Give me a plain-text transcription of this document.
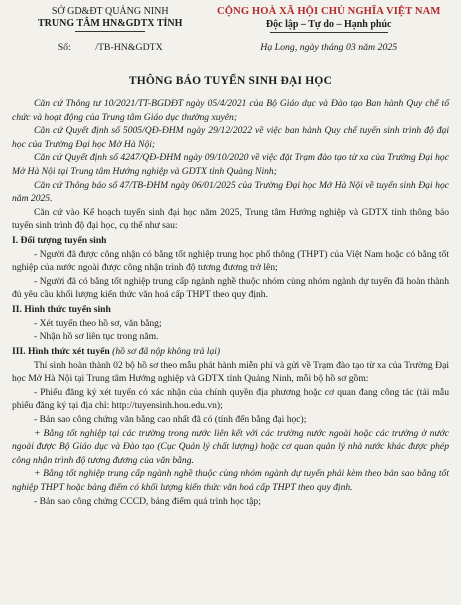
SỞ GD&ĐT QUẢNG NINH
TRUNG TÂM HN&GDTX TỈNH
CỘNG HOÀ XÃ HỘI CHỦ NGHĨA VIỆT NAM
Độc lập – Tự do – Hạnh phúc
Số: /TB-HN&GDTX	Hạ Long, ngày tháng 03 năm 2025
THÔNG BÁO TUYỂN SINH ĐẠI HỌC

Căn cứ Thông tư 10/2021/TT-BGDĐT ngày 05/4/2021 của Bộ Giáo dục và Đào tạo Ban hành Quy chế tổ chức và hoạt động của Trung tâm Giáo dục thường xuyên;

Căn cứ Quyết định số 5005/QĐ-ĐHM ngày 29/12/2022 về việc ban hành Quy chế tuyển sinh trình độ đại học của Trường Đại học Mở Hà Nội;

Căn cứ Quyết định số 4247/QĐ-ĐHM ngày 09/10/2020 về việc đặt Trạm đào tạo từ xa của Trường Đại học Mở Hà Nội tại Trung tâm Hướng nghiệp và GDTX tỉnh Quảng Ninh;

Căn cứ Thông báo số 47/TB-ĐHM ngày 06/01/2025 của Trường Đại học Mở Hà Nội về tuyển sinh Đại học năm 2025.

Căn cứ vào Kế hoạch tuyển sinh đại học năm 2025, Trung tâm Hướng nghiệp và GDTX tỉnh thông báo tuyển sinh trình độ đại học, cụ thể như sau:

I. Đối tượng tuyển sinh

- Người đã được công nhận có bằng tốt nghiệp trung học phổ thông (THPT) của Việt Nam hoặc có bằng tốt nghiệp của nước ngoài được công nhận trình độ tương đương trở lên;

- Người đã có bằng tốt nghiệp trung cấp ngành nghề thuộc nhóm cùng nhóm ngành dự tuyển đã hoàn thành đủ yêu cầu khối lượng kiến thức văn hoá cấp THPT theo quy định.

II. Hình thức tuyển sinh

- Xét tuyển theo hồ sơ, văn bằng;

- Nhận hồ sơ liên tục trong năm.

III. Hình thức xét tuyển (hồ sơ đã nộp không trả lại)

Thí sinh hoàn thành 02 bộ hồ sơ theo mẫu phát hành miễn phí và gửi về Trạm đào tạo từ xa của Trường Đại học Mở Hà Nội tại Trung tâm Hướng nghiệp và GDTX tỉnh Quảng Ninh, mỗi bộ hồ sơ gồm:

- Phiếu đăng ký xét tuyển có xác nhận của chính quyền địa phương hoặc cơ quan đang công tác (tải mẫu phiếu đăng ký tại địa chỉ: http://tuyensinh.hou.edu.vn);

- Bản sao công chứng văn bằng cao nhất đã có (tính đến bằng đại học);

+ Bằng tốt nghiệp tại các trường trong nước liên kết với các trường nước ngoài hoặc các trường ở nước ngoài được Bộ Giáo dục và Đào tạo (Cục Quản lý chất lượng) hoặc cơ quan quản lý nhà nước khác được phép công nhận trình độ tương đương của văn bằng.

+ Bằng tốt nghiệp trung cấp ngành nghề thuộc cùng nhóm ngành dự tuyển phải kèm theo bản sao bằng tốt nghiệp THPT hoặc bảng điểm có khối lượng kiến thức văn hoá cấp THPT theo quy định.

- Bản sao công chứng CCCD, bảng điểm quá trình học tập;
